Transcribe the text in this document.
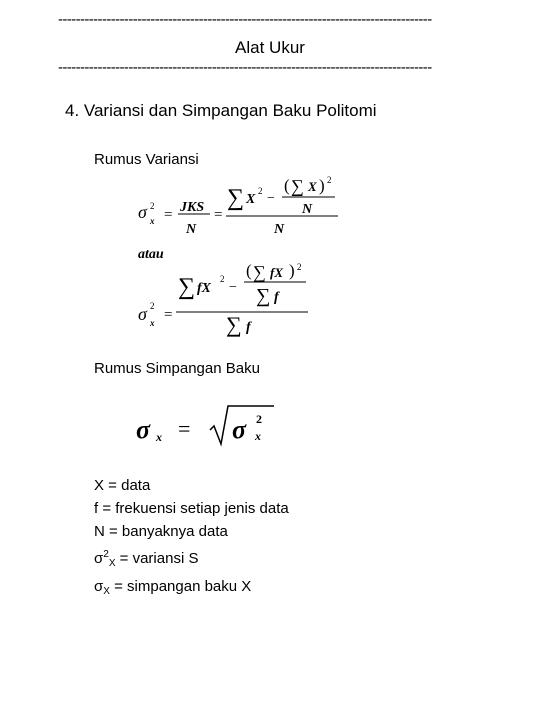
-------------------------------------------------------------------------------------
Alat Ukur
-------------------------------------------------------------------------------------
4. Variansi dan Simpangan Baku Politomi
Rumus Variansi
σ 2
x = JKS
N
=
∑ X
2 −
( ∑ X ) 2
N
N
atau
σ 2
x =
∑ fX
2
−
( ∑ fX ) 2
∑ f
∑ f
Rumus Simpangan Baku
σ x = σ 2
x
X = data
f = frekuensi setiap jenis data
N = banyaknya data
$\sigma^2_X$ = variansi S
$\sigma_X$ = simpangan baku X
